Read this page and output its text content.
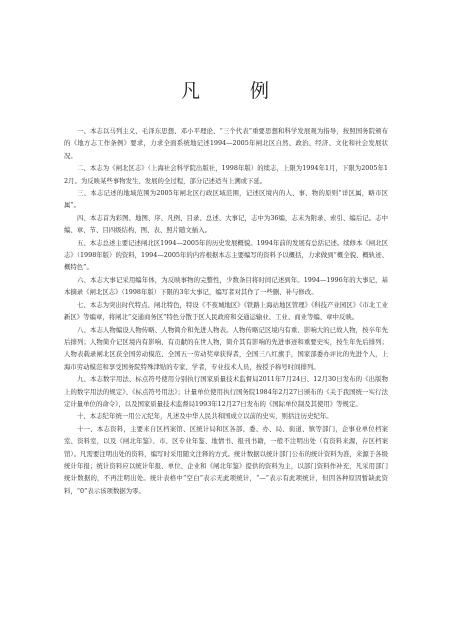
凡 例

一、本志以马列主义、毛泽东思想、邓小平理论、“三个代表”重要思想和科学发展观为指导，按照国务院颁布的《地方志工作条例》要求，力求全面系统地记述1994—2005年闸北区自然、政治、经济、文化和社会发展状况。

二、本志为《闸北区志》（上海社会科学院出版社，1998年版）的续志，上限为1994年1月，下限为2005年12月。为反映某些事物发生、发展的全过程，部分记述适当上溯或下延。

三、本志记述的地域范围为2005年闸北区行政区域范围，记述区境内的人、事、物的原则“详区属，略市区属”。

四、本志首为彩图、地图、序、凡例、目录、总述、大事记，志中为36编，志末为附录、索引、编后记。志中编、章、节、目四级结构，图、表、照片随文插入。

五、本志总述主要记述闸北区1994—2005年的历史发展概貌。1994年前的发展有总括记述。续修本《闸北区志》（1998年版）的资料，1994—2005年的内容根据本志主要编写的资料予以概括，力求做到“概全貌、概轨迹、概特色”。

六、本志大事记采用编年体，为反映事物的完整性，少数条目将时间记述到年。1994—1996年的大事记，基本摘录《闸北区志》（1998年版）下限的3年大事记，编写者对其作了一些删、补与修改。

七、本志为突出时代特点、闸北特色，特设《不夜城地区》《铁路上海站地区管理》《科技产业园区》《市北工业新区》等编章，将闸北“交通商务区”特色分散于区人民政府和交通运输业、工业、商业等编、章中反映。

八、本志人物编设人物传略、人物简介和先进人物表。人物传略记区境内有重、影响大的已故人物，按卒年先后排列；人物简介记区境内有影响、有贡献的在世人物，简介其有影响的先进事迹和重要史实，按生年先后排列；人物表载录闸北区获全国劳动模范、全国五一劳动奖章获得者，全国三八红旗手，国家部委办评比的先进个人，上海市劳动模范和享受国务院特殊津贴的专家、学者，专业技术人员，按授予称号时间排列。

九、本志数字用法、标点符号使用分别执行国家质量技术监督局2011年7月24日、12月30日发布的《出版物上的数字用法的规定》、《标点符号用法》；计量单位使用执行国务院1984年2月27日颁布的《关于我国统一实行法定计量单位的命令》，以及国家质量技术监督局1993年12月27日发布的《国际单位制及其使用》等规定。

十、本志纪年统一用公元纪年，凡述及中华人民共和国成立以前的史实，则括注历史纪年。

十一、本志资料，主要来自区档案馆、区统计局和区各部、委、办、局、街道、镇等部门，企事业单位档案室、资料室，以及《闸北年鉴》、市、区专业年鉴、地情书、报刊书籍，一般不注明出处（有资料来源，存区档案馆）。凡需要注明出处的资料，编写时采用随文注释的方式。统计数据以统计部门公布的统计资料为准，来源于各级统计年报；统计资料应以统计年报、单位、企业和《闸北年鉴》提供的资料为主，以部门资料作补充，凡采用部门统计数据的，不再注明出处。统计表格中“空白”表示无此项统计，“—”表示有此项统计，但因各种原因暂缺此资料，“0”表示该项数据为零。
